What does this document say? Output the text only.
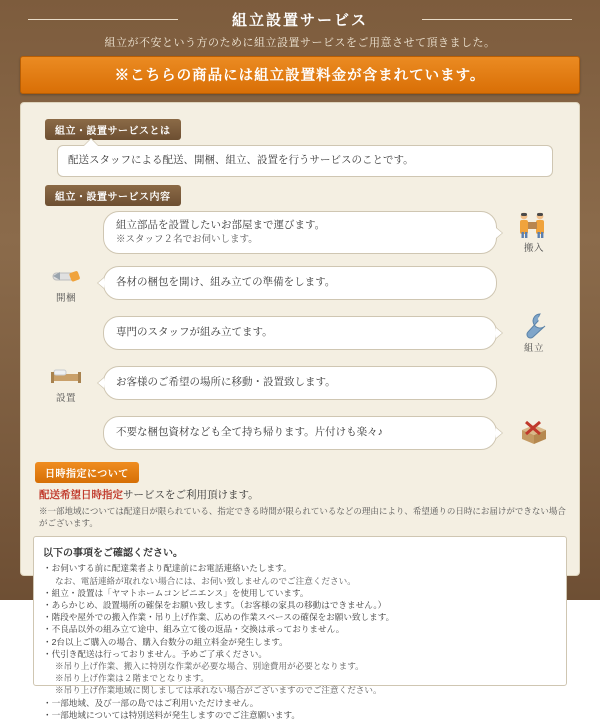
組立設置サービス
組立が不安という方のために組立設置サービスをご用意させて頂きました。
※こちらの商品には組立設置料金が含まれています。
組立・設置サービスとは
配送スタッフによる配送、開梱、組立、設置を行うサービスのことです。
組立・設置サービス内容
組立部品を設置したいお部屋まで運びます。
※スタッフ２名でお伺いします。
搬入
開梱
各材の梱包を開け、組み立ての準備をします。
専門のスタッフが組み立てます。
組立
設置
お客様のご希望の場所に移動・設置致します。
不要な梱包資材なども全て持ち帰ります。片付けも楽々♪
日時指定について
配送希望日時指定サービスをご利用頂けます。
※一部地域については配達日が限られている、指定できる時間が限られているなどの理由により、希望通りの日時にお届けができない場合がございます。
以下の事項をご確認ください。
・お伺いする前に配達業者より配達前にお電話連絡いたします。
なお、電話連絡が取れない場合には、お伺い致しませんのでご注意ください。
・組立・設置は「ヤマトホームコンビニエンス」を使用しています。
・あらかじめ、設置場所の確保をお願い致します。（お客様の家具の移動はできません。）
・階段や屋外での搬入作業・吊り上げ作業、広めの作業スペースの確保をお願い致します。
・不良品以外の組み立て途中、組み立て後の返品・交換は承っておりません。
・2台以上ご購入の場合、購入台数分の組立料金が発生します。
・代引き配送は行っておりません。予めご了承ください。
※吊り上げ作業、搬入に特別な作業が必要な場合、別途費用が必要となります。
※吊り上げ作業は２階までとなります。
※吊り上げ作業地域に関しましては承れない場合がございますのでご注意ください。
・一部地域、及び一部の島ではご利用いただけません。
・一部地域については特別送料が発生しますのでご注意願います。
